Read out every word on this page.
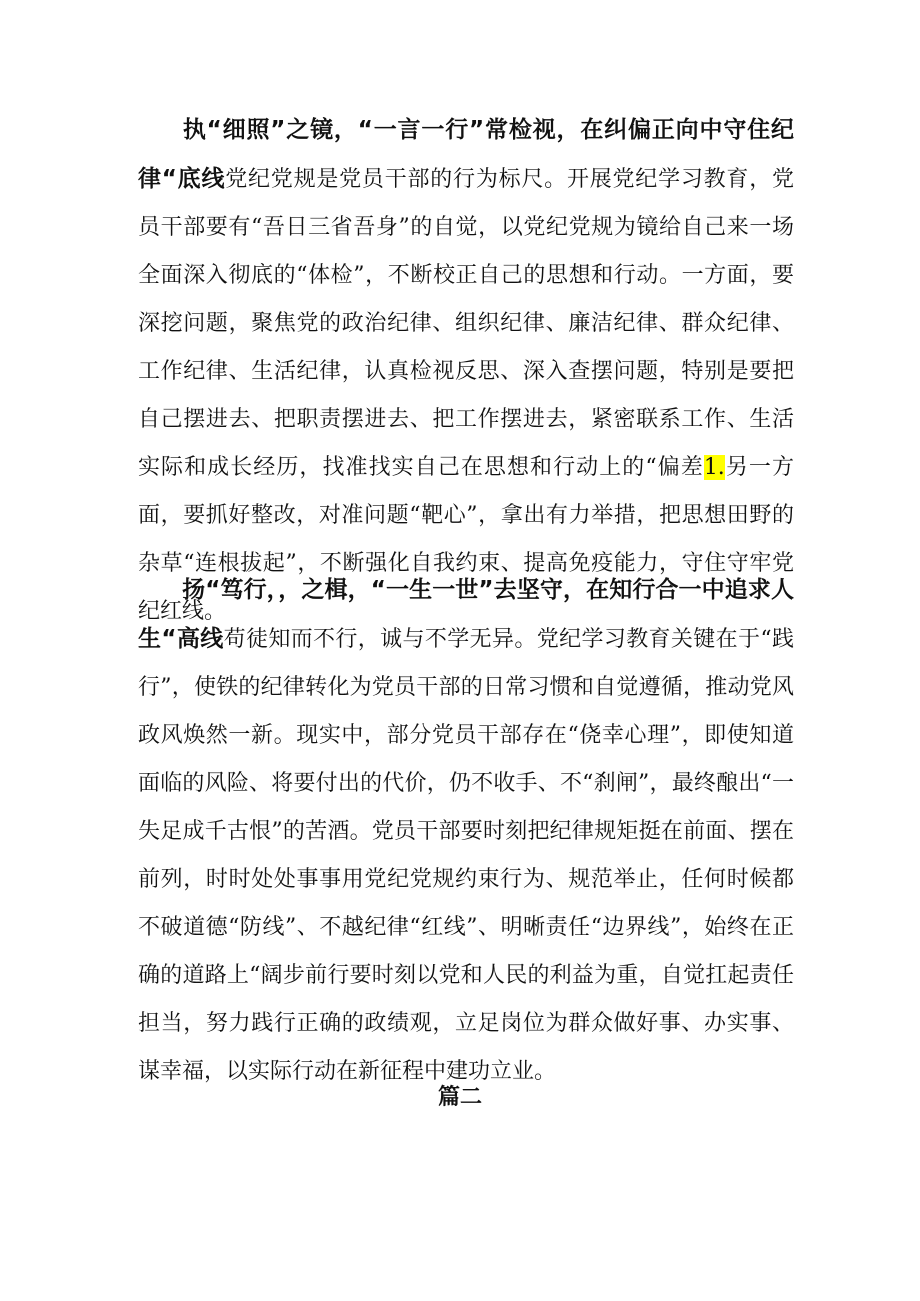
执“细照”之镜，“一言一行”常检视，在纠偏正向中守住纪律“底线党纪党规是党员干部的行为标尺。开展党纪学习教育，党员干部要有“吾日三省吾身”的自觉，以党纪党规为镜给自己来一场全面深入彻底的“体检”，不断校正自己的思想和行动。一方面，要深挖问题，聚焦党的政治纪律、组织纪律、廉洁纪律、群众纪律、工作纪律、生活纪律，认真检视反思、深入查摆问题，特别是要把自己摆进去、把职责摆进去、把工作摆进去，紧密联系工作、生活实际和成长经历，找准找实自己在思想和行动上的“偏差1.另一方面，要抓好整改，对准问题“靶心”，拿出有力举措，把思想田野的杂草“连根拔起”，不断强化自我约束、提高免疫能力，守住守牢党纪红线。

扬“笃行，，之楫，“一生一世”去坚守，在知行合一中追求人生“高线苟徒知而不行，诚与不学无异。党纪学习教育关键在于“践行”，使铁的纪律转化为党员干部的日常习惯和自觉遵循，推动党风政风焕然一新。现实中，部分党员干部存在“侥幸心理”，即使知道面临的风险、将要付出的代价，仍不收手、不“刹闸”，最终酿出“一失足成千古恨”的苦酒。党员干部要时刻把纪律规矩挺在前面、摆在前列，时时处处事事用党纪党规约束行为、规范举止，任何时候都不破道德“防线”、不越纪律“红线”、明晰责任“边界线”，始终在正确的道路上“阔步前行要时刻以党和人民的利益为重，自觉扛起责任担当，努力践行正确的政绩观，立足岗位为群众做好事、办实事、谋幸福，以实际行动在新征程中建功立业。

篇二
